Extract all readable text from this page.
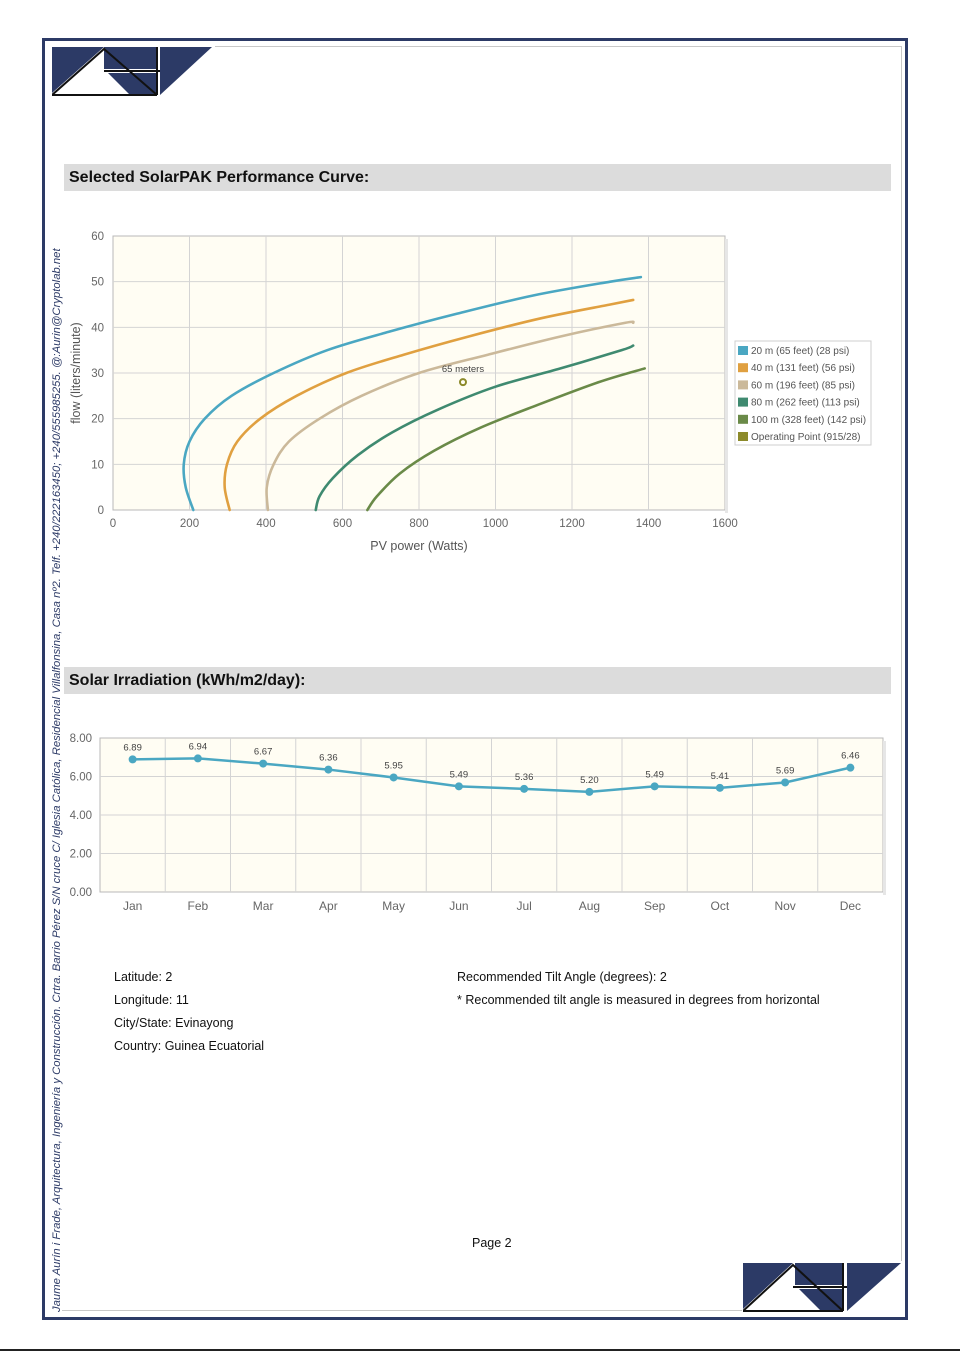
Jaume Aurín i Frade, Arquitectura, Ingeniería y Construcción. Crtra. Barrio Pérez S/N cruce C/ Iglesia Católica, Residencial Villalfonsina, Casa nº2. Telf. +240/222163450; +240/555985255. @:Aurin@Cryptolab.net
Selected SolarPAK Performance Curve:
Solar Irradiation (kWh/m2/day):
0	200	400	600	800	1000	1200	1400	1600
0
10
20
30
40
50
60
PV power (Watts)
flow (liters/minute)	65 meters
20 m (65 feet) (28 psi)
40 m (131 feet) (56 psi)
60 m (196 feet) (85 psi)
80 m (262 feet) (113 psi)
100 m (328 feet) (142 psi)
Operating Point (915/28)
0.00
2.00
4.00
6.00
8.00
Jan	Feb	Mar	Apr	May	Jun	Jul	Aug	Sep	Oct	Nov	Dec
6.89	6.94	6.67
6.36
5.95
5.49	5.36	5.20
5.49	5.41	5.69
6.46
Latitude: 2
Longitude: 11
City/State: Evinayong
Country: Guinea Ecuatorial
Recommended Tilt Angle (degrees): 2
* Recommended tilt angle is measured in degrees from horizontal
Page 2
